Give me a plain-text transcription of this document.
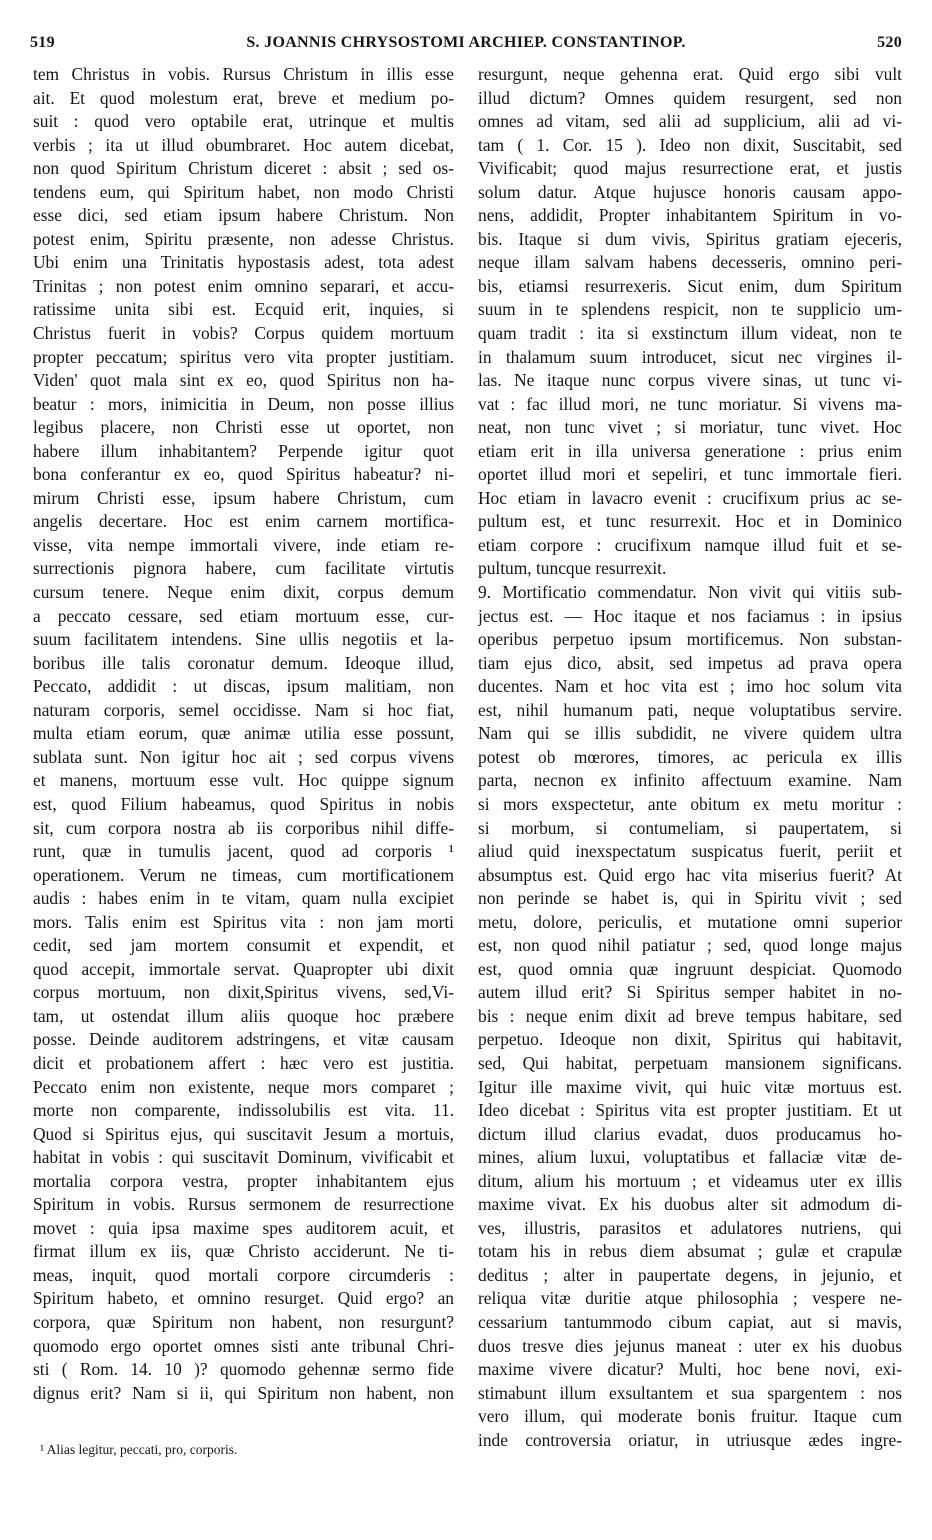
519	S. JOANNIS CHRYSOSTOMI ARCHIEP. CONSTANTINOP.	520
tem Christus in vobis. Rursus Christum in illis esse
ait. Et quod molestum erat, breve et medium po-
suit : quod vero optabile erat, utrinque et multis
verbis ; ita ut illud obumbraret. Hoc autem dicebat,
non quod Spiritum Christum diceret : absit ; sed os-
tendens eum, qui Spiritum habet, non modo Christi
esse dici, sed etiam ipsum habere Christum. Non
potest enim, Spiritu præsente, non adesse Christus.
Ubi enim una Trinitatis hypostasis adest, tota adest
Trinitas ; non potest enim omnino separari, et accu-
ratissime unita sibi est. Ecquid erit, inquies, si
Christus fuerit in vobis? Corpus quidem mortuum
propter peccatum; spiritus vero vita propter justitiam.
Viden' quot mala sint ex eo, quod Spiritus non ha-
beatur : mors, inimicitia in Deum, non posse illius
legibus placere, non Christi esse ut oportet, non
habere illum inhabitantem? Perpende igitur quot
bona conferantur ex eo, quod Spiritus habeatur? ni-
mirum Christi esse, ipsum habere Christum, cum
angelis decertare. Hoc est enim carnem mortifica-
visse, vita nempe immortali vivere, inde etiam re-
surrectionis pignora habere, cum facilitate virtutis
cursum tenere. Neque enim dixit, corpus demum
a peccato cessare, sed etiam mortuum esse, cur-
suum facilitatem intendens. Sine ullis negotiis et la-
boribus ille talis coronatur demum. Ideoque illud,
Peccato, addidit : ut discas, ipsum malitiam, non
naturam corporis, semel occidisse. Nam si hoc fiat,
multa etiam eorum, quæ animæ utilia esse possunt,
sublata sunt. Non igitur hoc ait ; sed corpus vivens
et manens, mortuum esse vult. Hoc quippe signum
est, quod Filium habeamus, quod Spiritus in nobis
sit, cum corpora nostra ab iis corporibus nihil diffe-
runt, quæ in tumulis jacent, quod ad corporis ¹
operationem. Verum ne timeas, cum mortificationem
audis : habes enim in te vitam, quam nulla excipiet
mors. Talis enim est Spiritus vita : non jam morti
cedit, sed jam mortem consumit et expendit, et
quod accepit, immortale servat. Quapropter ubi dixit
corpus mortuum, non dixit,Spiritus vivens, sed,Vi-
tam, ut ostendat illum aliis quoque hoc præbere
posse. Deinde auditorem adstringens, et vitæ causam
dicit et probationem affert : hæc vero est justitia.
Peccato enim non existente, neque mors comparet ;
morte non comparente, indissolubilis est vita. 11.
Quod si Spiritus ejus, qui suscitavit Jesum a mortuis,
habitat in vobis : qui suscitavit Dominum, vivificabit et
mortalia corpora vestra, propter inhabitantem ejus
Spiritum in vobis. Rursus sermonem de resurrectione
movet : quia ipsa maxime spes auditorem acuit, et
firmat illum ex iis, quæ Christo acciderunt. Ne ti-
meas, inquit, quod mortali corpore circumderis :
Spiritum habeto, et omnino resurget. Quid ergo? an
corpora, quæ Spiritum non habent, non resurgunt?
quomodo ergo oportet omnes sisti ante tribunal Chri-
sti ( Rom. 14. 10 )? quomodo gehennæ sermo fide
dignus erit? Nam si ii, qui Spiritum non habent, non
resurgunt, neque gehenna erat. Quid ergo sibi vult
illud dictum? Omnes quidem resurgent, sed non
omnes ad vitam, sed alii ad supplicium, alii ad vi-
tam ( 1. Cor. 15 ). Ideo non dixit, Suscitabit, sed
Vivificabit; quod majus resurrectione erat, et justis
solum datur. Atque hujusce honoris causam appo-
nens, addidit, Propter inhabitantem Spiritum in vo-
bis. Itaque si dum vivis, Spiritus gratiam ejeceris,
neque illam salvam habens decesseris, omnino peri-
bis, etiamsi resurrexeris. Sicut enim, dum Spiritum
suum in te splendens respicit, non te supplicio um-
quam tradit : ita si exstinctum illum videat, non te
in thalamum suum introducet, sicut nec virgines il-
las. Ne itaque nunc corpus vivere sinas, ut tunc vi-
vat : fac illud mori, ne tunc moriatur. Si vivens ma-
neat, non tunc vivet ; si moriatur, tunc vivet. Hoc
etiam erit in illa universa generatione : prius enim
oportet illud mori et sepeliri, et tunc immortale fieri.
Hoc etiam in lavacro evenit : crucifixum prius ac se-
pultum est, et tunc resurrexit. Hoc et in Dominico
etiam corpore : crucifixum namque illud fuit et se-
pultum, tuncque resurrexit.
9. Mortificatio commendatur. Non vivit qui vitiis sub-
jectus est. — Hoc itaque et nos faciamus : in ipsius
operibus perpetuo ipsum mortificemus. Non substan-
tiam ejus dico, absit, sed impetus ad prava opera
ducentes. Nam et hoc vita est ; imo hoc solum vita
est, nihil humanum pati, neque voluptatibus servire.
Nam qui se illis subdidit, ne vivere quidem ultra
potest ob mœrores, timores, ac pericula ex illis
parta, necnon ex infinito affectuum examine. Nam
si mors exspectetur, ante obitum ex metu moritur :
si morbum, si contumeliam, si paupertatem, si
aliud quid inexspectatum suspicatus fuerit, periit et
absumptus est. Quid ergo hac vita miserius fuerit? At
non perinde se habet is, qui in Spiritu vivit ; sed
metu, dolore, periculis, et mutatione omni superior
est, non quod nihil patiatur ; sed, quod longe majus
est, quod omnia quæ ingruunt despiciat. Quomodo
autem illud erit? Si Spiritus semper habitet in no-
bis : neque enim dixit ad breve tempus habitare, sed
perpetuo. Ideoque non dixit, Spiritus qui habitavit,
sed, Qui habitat, perpetuam mansionem significans.
Igitur ille maxime vivit, qui huic vitæ mortuus est.
Ideo dicebat : Spiritus vita est propter justitiam. Et ut
dictum illud clarius evadat, duos producamus ho-
mines, alium luxui, voluptatibus et fallaciæ vitæ de-
ditum, alium his mortuum ; et videamus uter ex illis
maxime vivat. Ex his duobus alter sit admodum di-
ves, illustris, parasitos et adulatores nutriens, qui
totam his in rebus diem absumat ; gulæ et crapulæ
deditus ; alter in paupertate degens, in jejunio, et
reliqua vitæ duritie atque philosophia ; vespere ne-
cessarium tantummodo cibum capiat, aut si mavis,
duos tresve dies jejunus maneat : uter ex his duobus
maxime vivere dicatur? Multi, hoc bene novi, exi-
stimabunt illum exsultantem et sua spargentem : nos
vero illum, qui moderate bonis fruitur. Itaque cum
inde controversia oriatur, in utriusque ædes ingre-
¹ Alias legitur, peccati, pro, corporis.
